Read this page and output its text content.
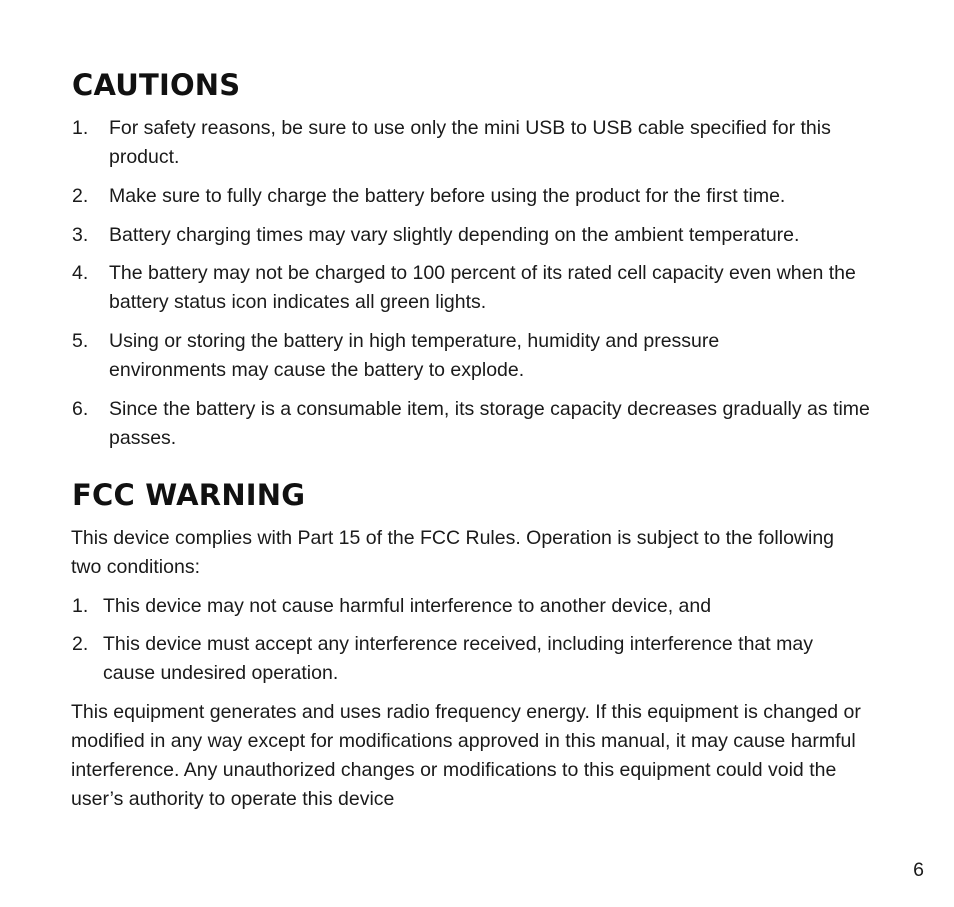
CAUTIONS
1.	For safety reasons, be sure to use only the mini USB to USB cable specified for this product.
2.	Make sure to fully charge the battery before using the product for the first time.
3.	Battery charging times may vary slightly depending on the ambient temperature.
4.	The battery may not be charged to 100 percent of its rated cell capacity even when the battery status icon indicates all green lights.
5.	Using or storing the battery in high temperature, humidity and pressure environments may cause the battery to explode.
6.	Since the battery is a consumable item, its storage capacity decreases gradually as time passes.
FCC WARNING

This device complies with Part 15 of the FCC Rules. Operation is subject to the following two conditions:

1. This device may not cause harmful interference to another device, and
2. This device must accept any interference received, including interference that may cause undesired operation.

This equipment generates and uses radio frequency energy. If this equipment is changed or modified in any way except for modifications approved in this manual, it may cause harmful interference. Any unauthorized changes or modifications to this equipment could void the user’s authority to operate this device

6
